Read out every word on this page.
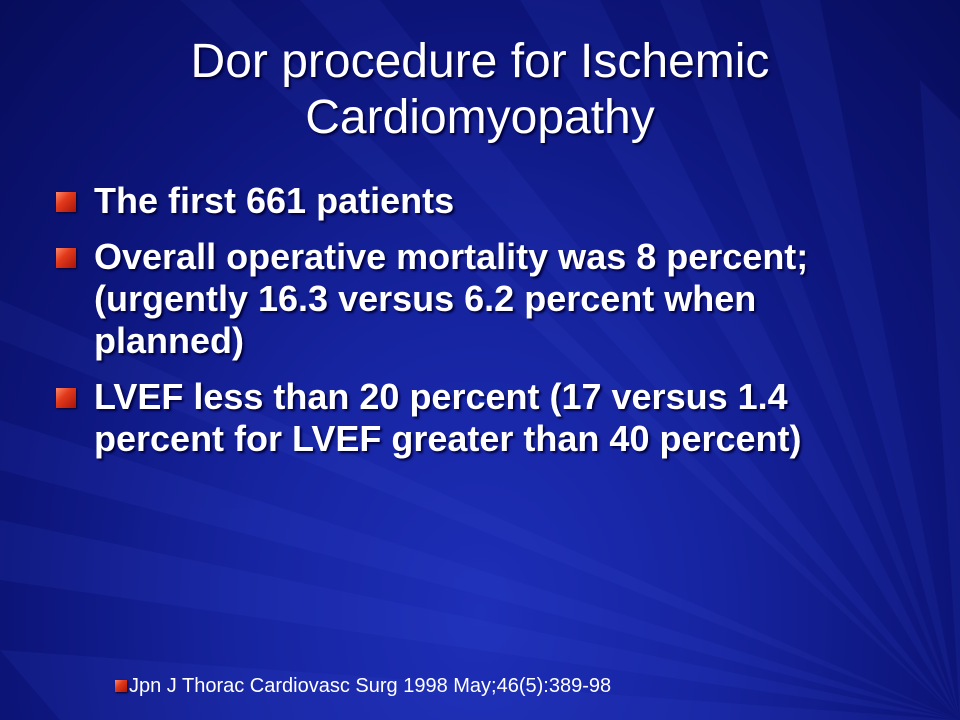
Dor procedure for Ischemic
Cardiomyopathy
The first 661 patients
Overall operative mortality was 8 percent; (urgently 16.3 versus 6.2 percent when planned)
LVEF less than 20 percent (17 versus 1.4 percent for LVEF greater than 40 percent)
Jpn J Thorac Cardiovasc Surg 1998 May;46(5):389-98
